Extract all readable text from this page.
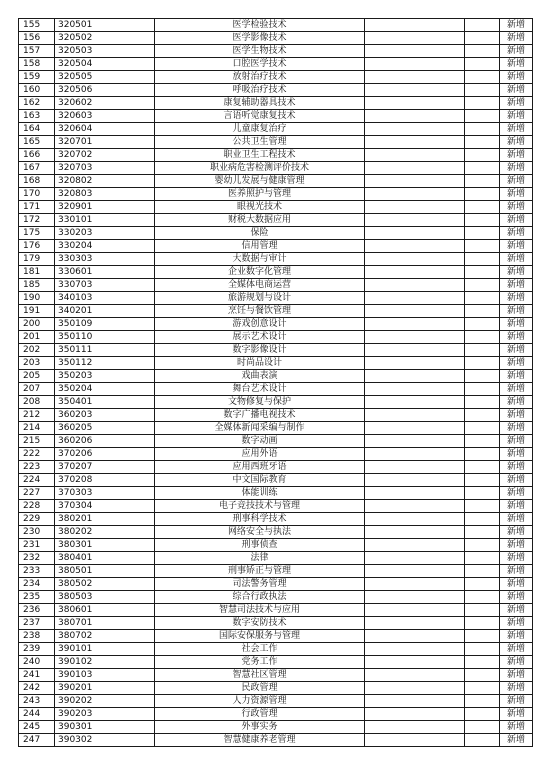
155	320501	医学检验技术			新增
156	320502	医学影像技术			新增
157	320503	医学生物技术			新增
158	320504	口腔医学技术			新增
159	320505	放射治疗技术			新增
160	320506	呼吸治疗技术			新增
162	320602	康复辅助器具技术			新增
163	320603	言语听觉康复技术			新增
164	320604	儿童康复治疗			新增
165	320701	公共卫生管理			新增
166	320702	职业卫生工程技术			新增
167	320703	职业病危害检测评价技术			新增
168	320802	婴幼儿发展与健康管理			新增
170	320803	医养照护与管理			新增
171	320901	眼视光技术			新增
172	330101	财税大数据应用			新增
175	330203	保险			新增
176	330204	信用管理			新增
179	330303	大数据与审计			新增
181	330601	企业数字化管理			新增
185	330703	全媒体电商运营			新增
190	340103	旅游规划与设计			新增
191	340201	烹饪与餐饮管理			新增
200	350109	游戏创意设计			新增
201	350110	展示艺术设计			新增
202	350111	数字影像设计			新增
203	350112	时尚品设计			新增
205	350203	戏曲表演			新增
207	350204	舞台艺术设计			新增
208	350401	文物修复与保护			新增
212	360203	数字广播电视技术			新增
214	360205	全媒体新闻采编与制作			新增
215	360206	数字动画			新增
222	370206	应用外语			新增
223	370207	应用西班牙语			新增
224	370208	中文国际教育			新增
227	370303	体能训练			新增
228	370304	电子竞技技术与管理			新增
229	380201	刑事科学技术			新增
230	380202	网络安全与执法			新增
231	380301	刑事侦查			新增
232	380401	法律			新增
233	380501	刑事矫正与管理			新增
234	380502	司法警务管理			新增
235	380503	综合行政执法			新增
236	380601	智慧司法技术与应用			新增
237	380701	数字安防技术			新增
238	380702	国际安保服务与管理			新增
239	390101	社会工作			新增
240	390102	党务工作			新增
241	390103	智慧社区管理			新增
242	390201	民政管理			新增
243	390202	人力资源管理			新增
244	390203	行政管理			新增
245	390301	外事实务			新增
247	390302	智慧健康养老管理			新增
